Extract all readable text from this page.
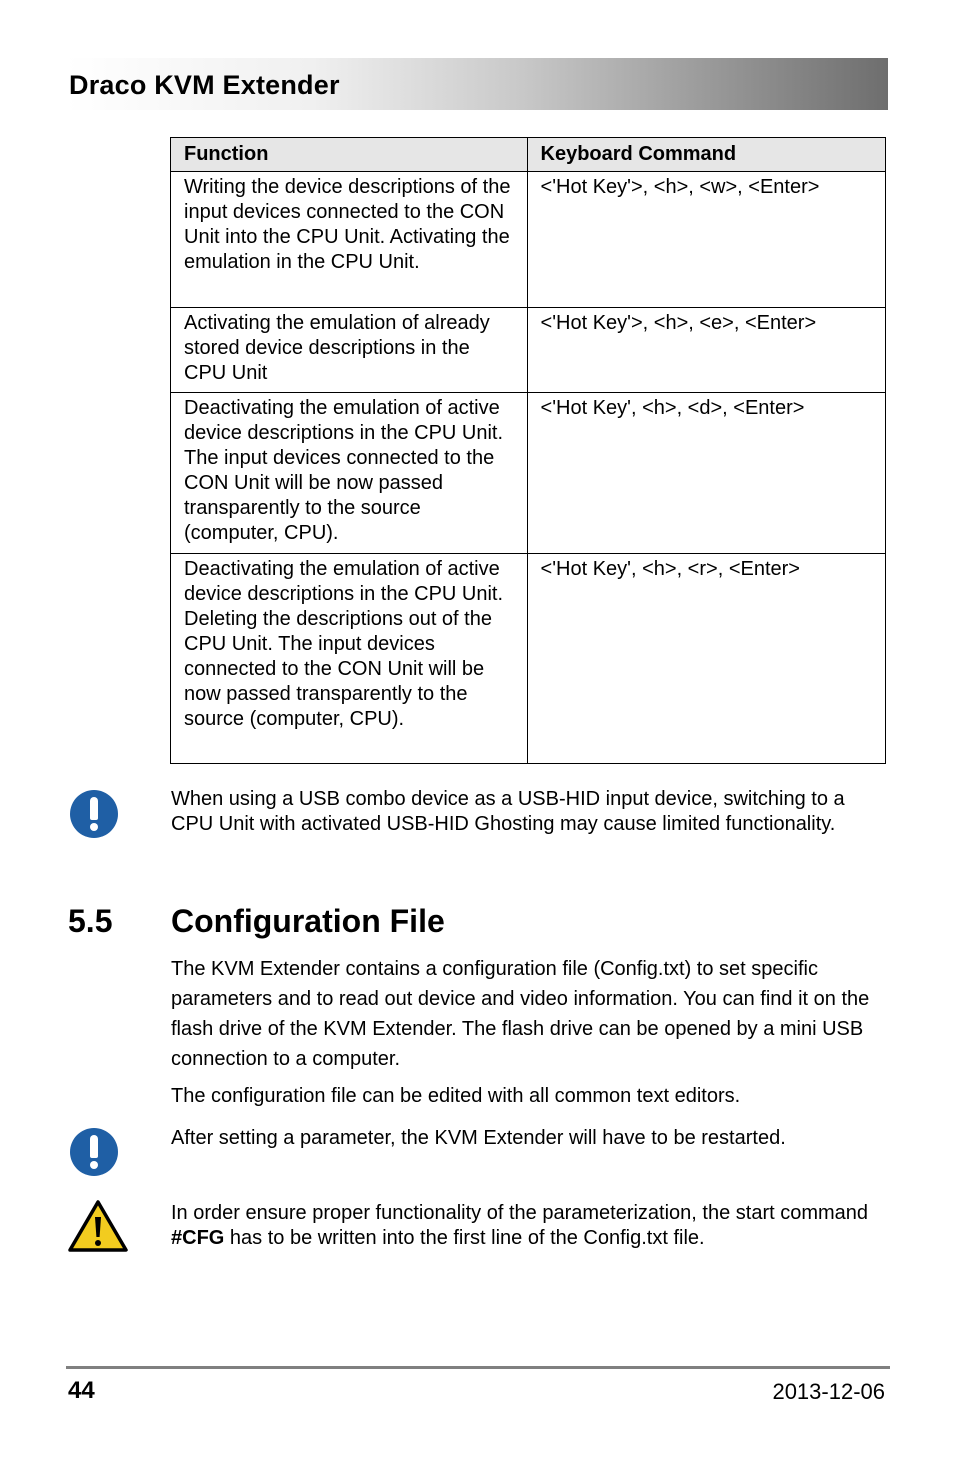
Draco KVM Extender
Function	Keyboard Command
Writing the device descriptions of the input devices connected to the CON Unit into the CPU Unit. Activating the emulation in the CPU Unit.	<'Hot Key'>, <h>, <w>, <Enter>
Activating the emulation of already stored device descriptions in the CPU Unit	<'Hot Key'>, <h>, <e>, <Enter>
Deactivating the emulation of active device descriptions in the CPU Unit. The input devices connected to the CON Unit will be now passed transparently to the source (computer, CPU).	<'Hot Key', <h>, <d>, <Enter>
Deactivating the emulation of active device descriptions in the CPU Unit. Deleting the descriptions out of the CPU Unit. The input devices connected to the CON Unit will be now passed transparently to the source (computer, CPU).	<'Hot Key', <h>, <r>, <Enter>
When using a USB combo device as a USB-HID input device, switching to a CPU Unit with activated USB-HID Ghosting may cause limited functionality.
5.5 Configuration File
The KVM Extender contains a configuration file (Config.txt) to set specific parameters and to read out device and video information. You can find it on the flash drive of the KVM Extender. The flash drive can be opened by a mini USB connection to a computer.
The configuration file can be edited with all common text editors.
After setting a parameter, the KVM Extender will have to be restarted.
In order ensure proper functionality of the parameterization, the start command #CFG has to be written into the first line of the Config.txt file.
44	2013-12-06
